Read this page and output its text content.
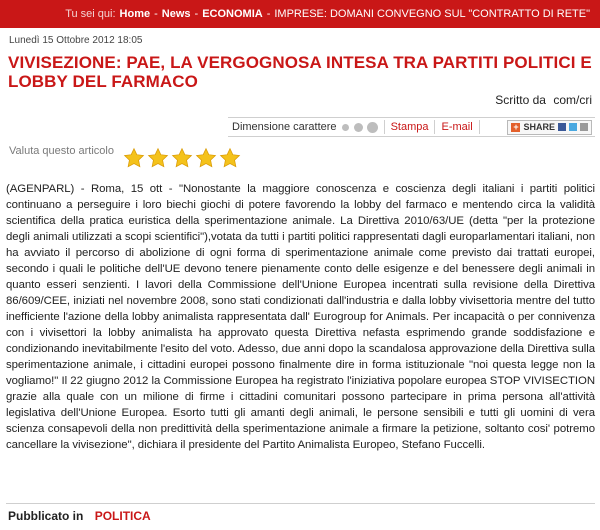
Tu sei qui: Home - News - ECONOMIA - IMPRESE: DOMANI CONVEGNO SUL "CONTRATTO DI RETE"
Lunedì 15 Ottobre 2012 18:05
VIVISEZIONE: PAE, LA VERGOGNOSA INTESA TRA PARTITI POLITICI E LOBBY DEL FARMACO
Scritto da com/cri
Dimensione carattere	Stampa E-mail	+ SHARE
Valuta questo articolo

(AGENPARL) - Roma, 15 ott - "Nonostante la maggiore conoscenza e coscienza degli italiani i partiti politici continuano a perseguire i loro biechi giochi di potere favorendo la lobby del farmaco e mentendo circa la validità scientifica della pratica euristica della sperimentazione animale. La Direttiva 2010/63/UE (detta "per la protezione degli animali utilizzati a scopi scientifici"),votata da tutti i partiti politici rappresentati dagli europarlamentari italiani, non ha avviato il percorso di abolizione di ogni forma di sperimentazione animale come previsto dai trattati europei, secondo i quali le politiche dell'UE devono tenere pienamente conto delle esigenze e del benessere degli animali in quanto esseri senzienti. I lavori della Commissione dell'Unione Europea incentrati sulla revisione della Direttiva 86/609/CEE, iniziati nel novembre 2008, sono stati condizionati dall'industria e dalla lobby vivisettoria mentre del tutto inefficiente l'azione della lobby animalista rappresentata dall' Eurogroup for Animals. Per incapacità o per connivenza con i vivisettori la lobby animalista ha approvato questa Direttiva nefasta esprimendo grande soddisfazione e condizionando inevitabilmente l'esito del voto. Adesso, due anni dopo la scandalosa approvazione della Direttiva sulla sperimentazione animale, i cittadini europei possono finalmente dire in forma istituzionale "noi questa legge non la vogliamo!" Il 22 giugno 2012 la Commissione Europea ha registrato l'iniziativa popolare europea STOP VIVISECTION grazie alla quale con un milione di firme i cittadini comunitari possono partecipare in prima persona all'attività legislativa dell'Unione Europea. Esorto tutti gli amanti degli animali, le persone sensibili e tutti gli uomini di vera scienza consapevoli della non predittività della sperimentazione animale a firmare la petizione, soltanto cosi' potremo cancellare la vivisezione", dichiara il presidente del Partito Animalista Europeo, Stefano Fuccelli.

Pubblicato in POLITICA
